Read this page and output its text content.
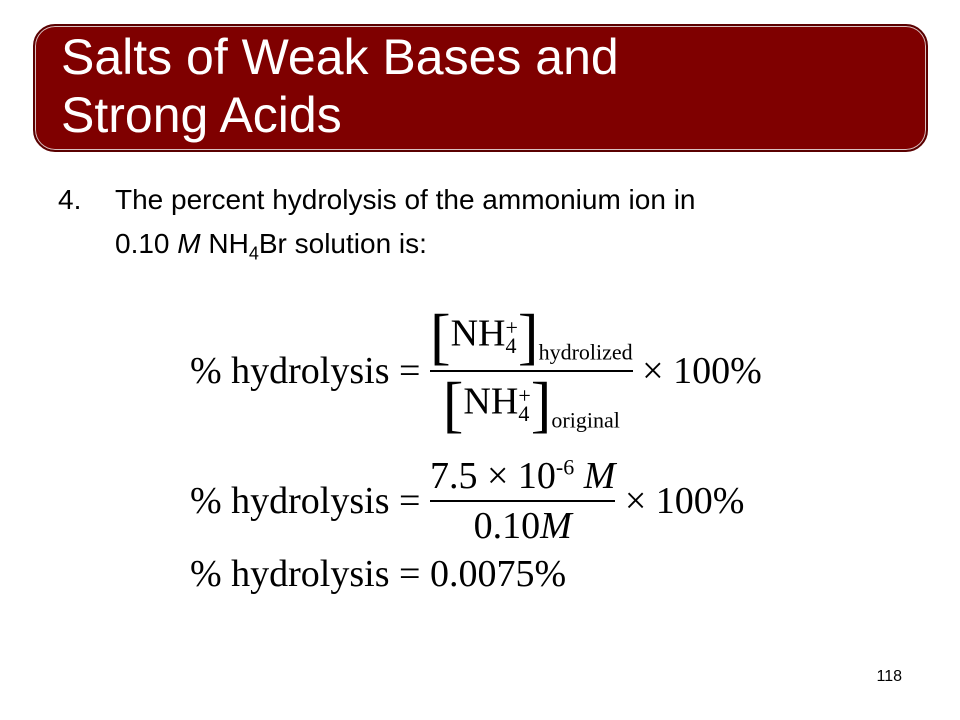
Salts of Weak Bases and
Strong Acids
4. The percent hydrolysis of the ammonium ion in
0.10 M $NH_4Br$ solution is:
% hydrolysis = [NH +
4 ]$_{hydrolized}$
[NH +
4 ]$_{original} \times 100\%$
% hydrolysis = $\frac{7.5 \times 10^{-6} M}{0.10M} \times 100\%$
% hydrolysis = 0.0075%
118
